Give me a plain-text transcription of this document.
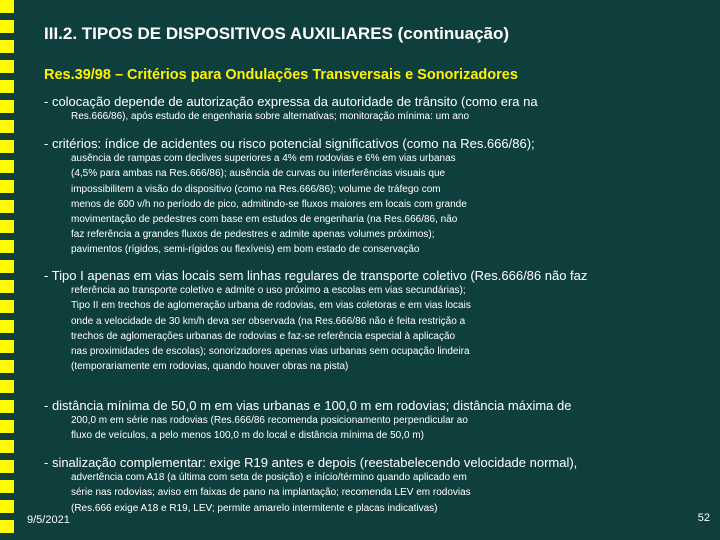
III.2. TIPOS DE DISPOSITIVOS AUXILIARES (continuação)
Res.39/98 – Critérios para Ondulações Transversais e Sonorizadores
- colocação depende de autorização expressa da autoridade de trânsito (como era na
Res.666/86), após estudo de engenharia sobre alternativas; monitoração mínima: um ano
- critérios: índice de acidentes ou risco potencial significativos (como na Res.666/86);
ausência de rampas com declives superiores a 4% em rodovias e 6% em vias urbanas
(4,5% para ambas na Res.666/86); ausência de curvas ou interferências visuais que
impossibilitem a visão do dispositivo (como na Res.666/86); volume de tráfego com
menos de 600 v/h no período de pico, admitindo-se fluxos maiores em locais com grande
movimentação de pedestres com base em estudos de engenharia (na Res.666/86, não
faz referência a grandes fluxos de pedestres e admite apenas volumes próximos);
pavimentos (rígidos, semi-rígidos ou flexíveis) em bom estado de conservação
- Tipo I apenas em vias locais sem linhas regulares de transporte coletivo (Res.666/86 não faz
referência ao transporte coletivo e admite o uso próximo a escolas em vias secundárias);
Tipo II em trechos de aglomeração urbana de rodovias, em vias coletoras e em vias locais
onde a velocidade de 30 km/h deva ser observada (na Res.666/86 não é feita restrição a
trechos de aglomerações urbanas de rodovias e faz-se referência especial à aplicação
nas proximidades de escolas); sonorizadores apenas vias urbanas sem ocupação lindeira
(temporariamente em rodovias, quando houver obras na pista)
- distância mínima de 50,0 m em vias urbanas e 100,0 m em rodovias; distância máxima de
200,0 m em série nas rodovias (Res.666/86 recomenda posicionamento perpendicular ao
fluxo de veículos, a pelo menos 100,0 m do local e distância mínima de 50,0 m)
- sinalização complementar: exige R19 antes e depois (reestabelecendo velocidade normal),
advertência com A18 (a última com seta de posição) e início/término quando aplicado em
série nas rodovias; aviso em faixas de pano na implantação; recomenda LEV em rodovias
(Res.666 exige A18 e R19, LEV; permite amarelo intermitente e placas indicativas)
9/5/2021	52
